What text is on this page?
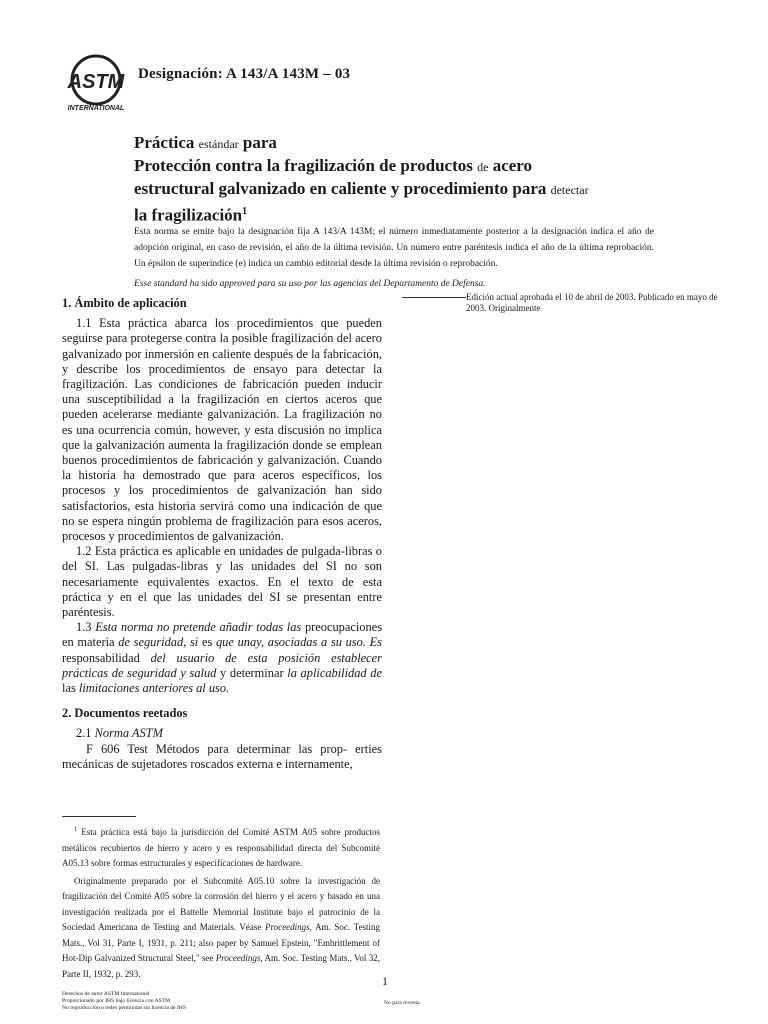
ASTM
INTERNATIONAL
Designación: A 143/A 143M – 03
Práctica estándar para
Protección contra la fragilización de productos de acero
estructural galvanizado en caliente y procedimiento para detectar
la fragilización$^1$

Esta norma se emite bajo la designación fija A 143/A 143M; el número inmediatamente posterior a la designación indica el año de adopción original, en caso de revisión, el año de la última revisión. Un número entre paréntesis indica el año de la última reprobación. Un épsilon de superíndice (e) indica un cambio editorial desde la última revisión o reprobación.

Esse standard ha sido approved para su uso por las agencias del Departamento de Defensa.

1. Ámbito de aplicación

1.1 Esta práctica abarca los procedimientos que pueden seguirse para protegerse contra la posible fragilización del acero galvanizado por inmersión en caliente después de la fabricación, y describe los procedimientos de ensayo para detectar la fragilización. Las condiciones de fabricación pueden inducir una susceptibilidad a la fragilización en ciertos aceros que pueden acelerarse mediante galvanización. La fragilización no es una ocurrencia común, however, y esta discusión no implica que la galvanización aumenta la fragilización donde se emplean buenos procedimientos de fabricación y galvanización. Cuando la historia ha demostrado que para aceros específicos, los procesos y los procedimientos de galvanización han sido satisfactorios, esta historia servirá como una indicación de que no se espera ningún problema de fragilización para esos aceros, procesos y procedimientos de galvanización.

1.2 Esta práctica es aplicable en unidades de pulgada-libras o del SI. Las pulgadas-libras y las unidades del SI no son necesariamente equivalentes exactos. En el texto de esta práctica y en el que las unidades del SI se presentan entre paréntesis.

1.3 Esta norma no pretende añadir todas las preocupaciones en materia de seguridad, si es que unay, asociadas a su uso. Es responsabilidad del usuario de esta posición establecer prácticas de seguridad y salud y determinar la aplicabilidad de las limitaciones anteriores al uso.

2. Documentos reetados

2.1 Norma ASTM

F 606 Test Métodos para determinar las prop- erties mecánicas de sujetadores roscados externa e internamente,

Edición actual aprobada el 10 de abril de 2003. Publicado en mayo de 2003. Originalmente

$^1$ Esta práctica está bajo la jurisdicción del Comité ASTM A05 sobre productos metálicos recubiertos de hierro y acero y es responsabilidad directa del Subcomité A05.13 sobre formas estructurales y especificaciones de hardware.

Originalmente preparado por el Subcomité A05.10 sobre la investigación de fragilización del Comité A05 sobre la corrosión del hierro y el acero y basado en una investigación realizada por el Battelle Memorial Institute bajo el patrocinio de la Sociedad Americana de Testing and Materials. Véase Proceedings, Am. Soc. Testing Mats., Vol 31, Parte I, 1931, p. 211; also paper by Samuel Epstein, "Embrittlement of Hot-Dip Galvanized Structural Steel," see Proceedings, Am. Soc. Testing Mats., Vol 32, Parte II, 1932, p. 293.

1
Derechos de autor ASTM International
Proporcionado por IHS bajo licencia con ASTM
No reproducción o redes permitidas sin licencia de IHS
No para reventa
